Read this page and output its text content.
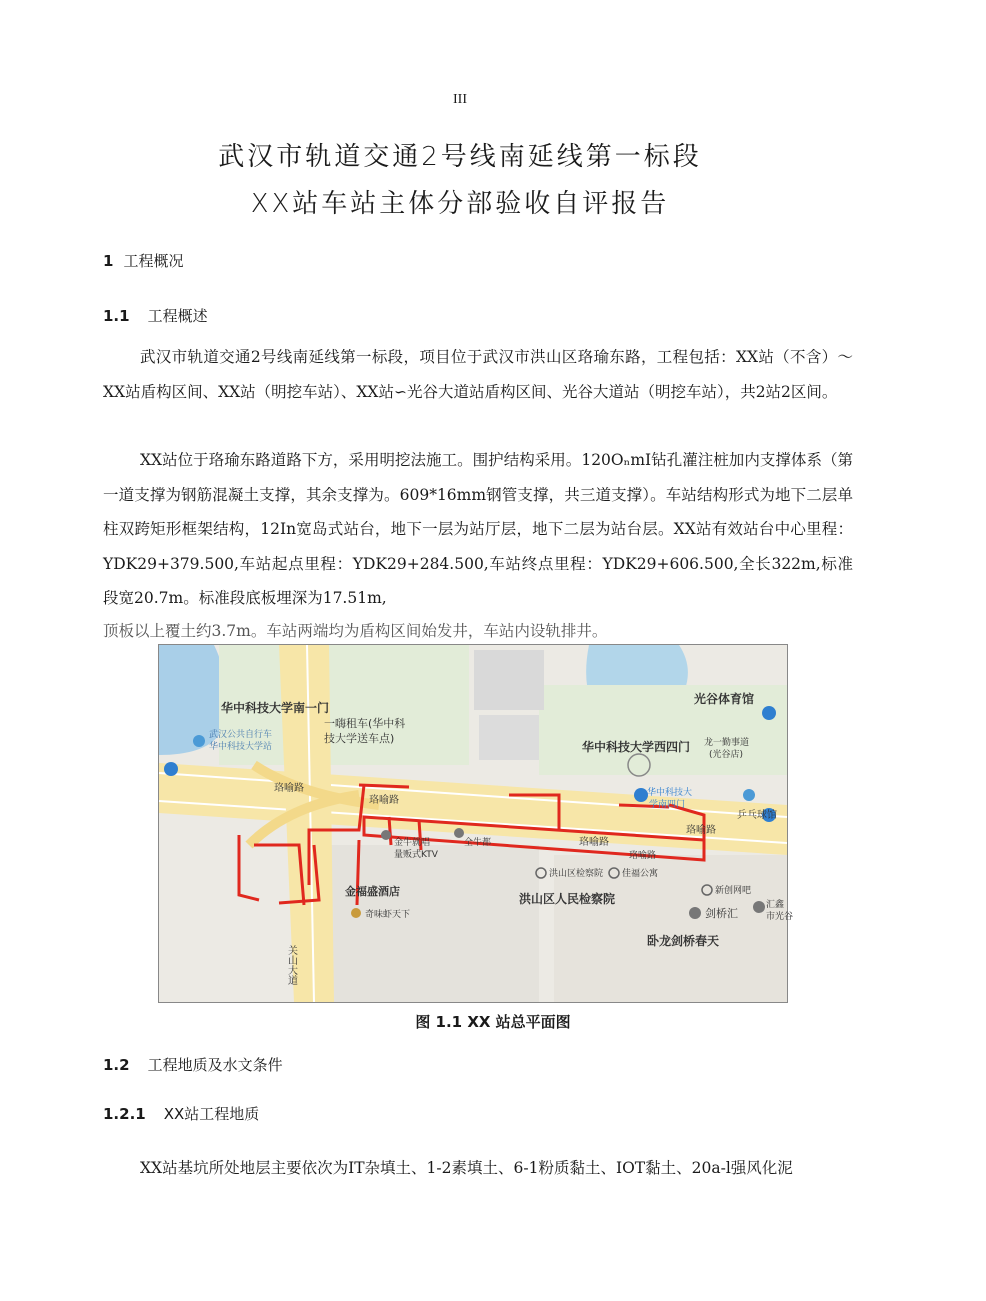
III
武汉市轨道交通2号线南延线第一标段
XX站车站主体分部验收自评报告
1 工程概况
1.1 工程概述

武汉市轨道交通2号线南延线第一标段，项目位于武汉市洪山区珞瑜东路，工程包括：XX站（不含）～XX站盾构区间、XX站（明挖车站）、XX站∽光谷大道站盾构区间、光谷大道站（明挖车站），共2站2区间。

XX站位于珞瑜东路道路下方，采用明挖法施工。围护结构采用。120OₙmI钻孔灌注桩加内支撑体系（第一道支撑为钢筋混凝土支撑，其余支撑为。609*16mm钢管支撑，共三道支撑）。车站结构形式为地下二层单柱双跨矩形框架结构，12In宽岛式站台，地下一层为站厅层，地下二层为站台层。XX站有效站台中心里程：YDK29+379.500,车站起点里程：YDK29+284.500,车站终点里程：YDK29+606.500,全长322m,标准段宽20.7m。标准段底板埋深为17.51m,

顶板以上覆土约3.7m。车站两端均为盾构区间始发井，车站内设轨排井。

华中科技大学南一门
一嗨租车(华中科
技大学送车点)
武汉公共自行车
华中科技大学站
光谷体育馆
华中科技大学西四门 龙一勤事道
(光谷店)
珞喻路
珞喻路
珞喻路
珞喻路
珞喻路
华中科技大
学南四门
乒乓球馆
金牛就唱
量贩式KTV
全牛都
洪山区检察院 佳福公寓
新创网吧
金福盛酒店
奇味虾天下
洪山区人民检察院
剑桥汇
汇鑫
市光谷
卧龙剑桥春天
关山大道
图 1.1 XX 站总平面图
1.2 工程地质及水文条件
1.2.1 XX站工程地质

XX站基坑所处地层主要依次为IT杂填土、1-2素填土、6-1粉质黏土、IOT黏土、20a-l强风化泥
